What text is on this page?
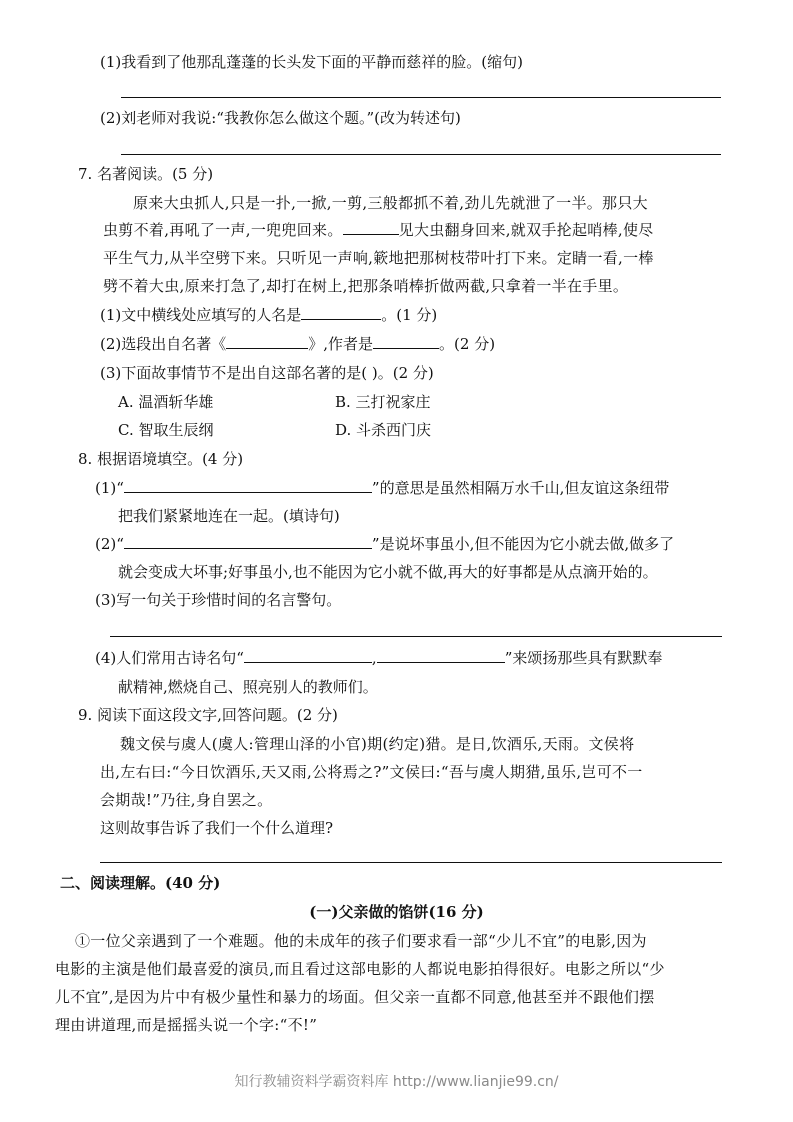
(1)我看到了他那乱蓬蓬的长头发下面的平静而慈祥的脸。(缩句)
(2)刘老师对我说:“我教你怎么做这个题。”(改为转述句)
7. 名著阅读。(5 分)
原来大虫抓人,只是一扑,一掀,一剪,三般都抓不着,劲儿先就泄了一半。那只大
虫剪不着,再吼了一声,一兜兜回来。	见大虫翻身回来,就双手抡起哨棒,使尽
平生气力,从半空劈下来。只听见一声响,簌地把那树枝带叶打下来。定睛一看,一棒
劈不着大虫,原来打急了,却打在树上,把那条哨棒折做两截,只拿着一半在手里。
(1)文中横线处应填写的人名是	。(1 分)
(2)选段出自名著《	》,作者是	。(2 分)
(3)下面故事情节不是出自这部名著的是( )。(2 分)
A. 温酒斩华雄	B. 三打祝家庄
C. 智取生辰纲	D. 斗杀西门庆
8. 根据语境填空。(4 分)
(1)“	”的意思是虽然相隔万水千山,但友谊这条纽带
把我们紧紧地连在一起。(填诗句)
(2)“	”是说坏事虽小,但不能因为它小就去做,做多了
就会变成大坏事;好事虽小,也不能因为它小就不做,再大的好事都是从点滴开始的。
(3)写一句关于珍惜时间的名言警句。
(4)人们常用古诗名句“	,	”来颂扬那些具有默默奉
献精神,燃烧自己、照亮别人的教师们。
9. 阅读下面这段文字,回答问题。(2 分)
魏文侯与虞人(虞人:管理山泽的小官)期(约定)猎。是日,饮酒乐,天雨。文侯将
出,左右曰:“今日饮酒乐,天又雨,公将焉之?”文侯曰:“吾与虞人期猎,虽乐,岂可不一
会期哉!”乃往,身自罢之。
这则故事告诉了我们一个什么道理?
二、阅读理解。(40 分)
(一)父亲做的馅饼(16 分)
①一位父亲遇到了一个难题。他的未成年的孩子们要求看一部“少儿不宜”的电影,因为
电影的主演是他们最喜爱的演员,而且看过这部电影的人都说电影拍得很好。电影之所以“少
儿不宜”,是因为片中有极少量性和暴力的场面。但父亲一直都不同意,他甚至并不跟他们摆
理由讲道理,而是摇摇头说一个字:“不!”
知行教辅资料学霸资料库 http://www.lianjie99.cn/
